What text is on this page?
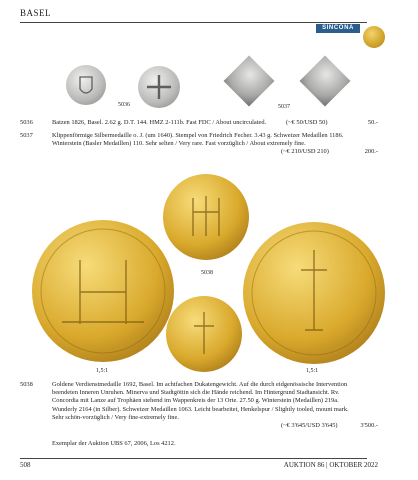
BASEL
SINCONA
5036	5037
5036	Batzen 1826, Basel. 2.62 g. D.T. 144. HMZ 2-111b. Fast FDC / About uncirculated.	(~€ 50/USD 50)	50.-
5037	Klippenförmige Silbermedaille o. J. (um 1640). Stempel von Friedrich Fecher. 3.43 g. Schweizer Medaillen 1186. Winterstein (Basler Medaillen) 110. Sehr selten / Very rare. Fast vorzüglich / About extremely fine.
(~€ 210/USD 210)	200.-
5038
1,5:1	1,5:1
5038	Goldene Verdienstmedaille 1692, Basel. Im achtfachen Dukatengewicht. Auf die durch eidgenössische Intervention beendeten Inneren Unruhen. Minerva und Stadtgöttin sich die Hände reichend. Im Hintergrund Stadtansicht. Rv. Concordia mit Lanze auf Trophäen stehend im Wappenkreis der 13 Orte. 27.50 g. Winterstein (Medaillen) 219a. Wunderly 2164 (in Silber). Schweizer Medaillen 1063. Leicht bearbeitet, Henkelspur / Slightly tooled, mount mark. Sehr schön-vorzüglich / Very fine-extremely fine.
(~€ 3'645/USD 3'645)	3'500.-
Exemplar der Auktion UBS 67, 2006, Los 4212.
508	AUKTION 86 | OKTOBER 2022
